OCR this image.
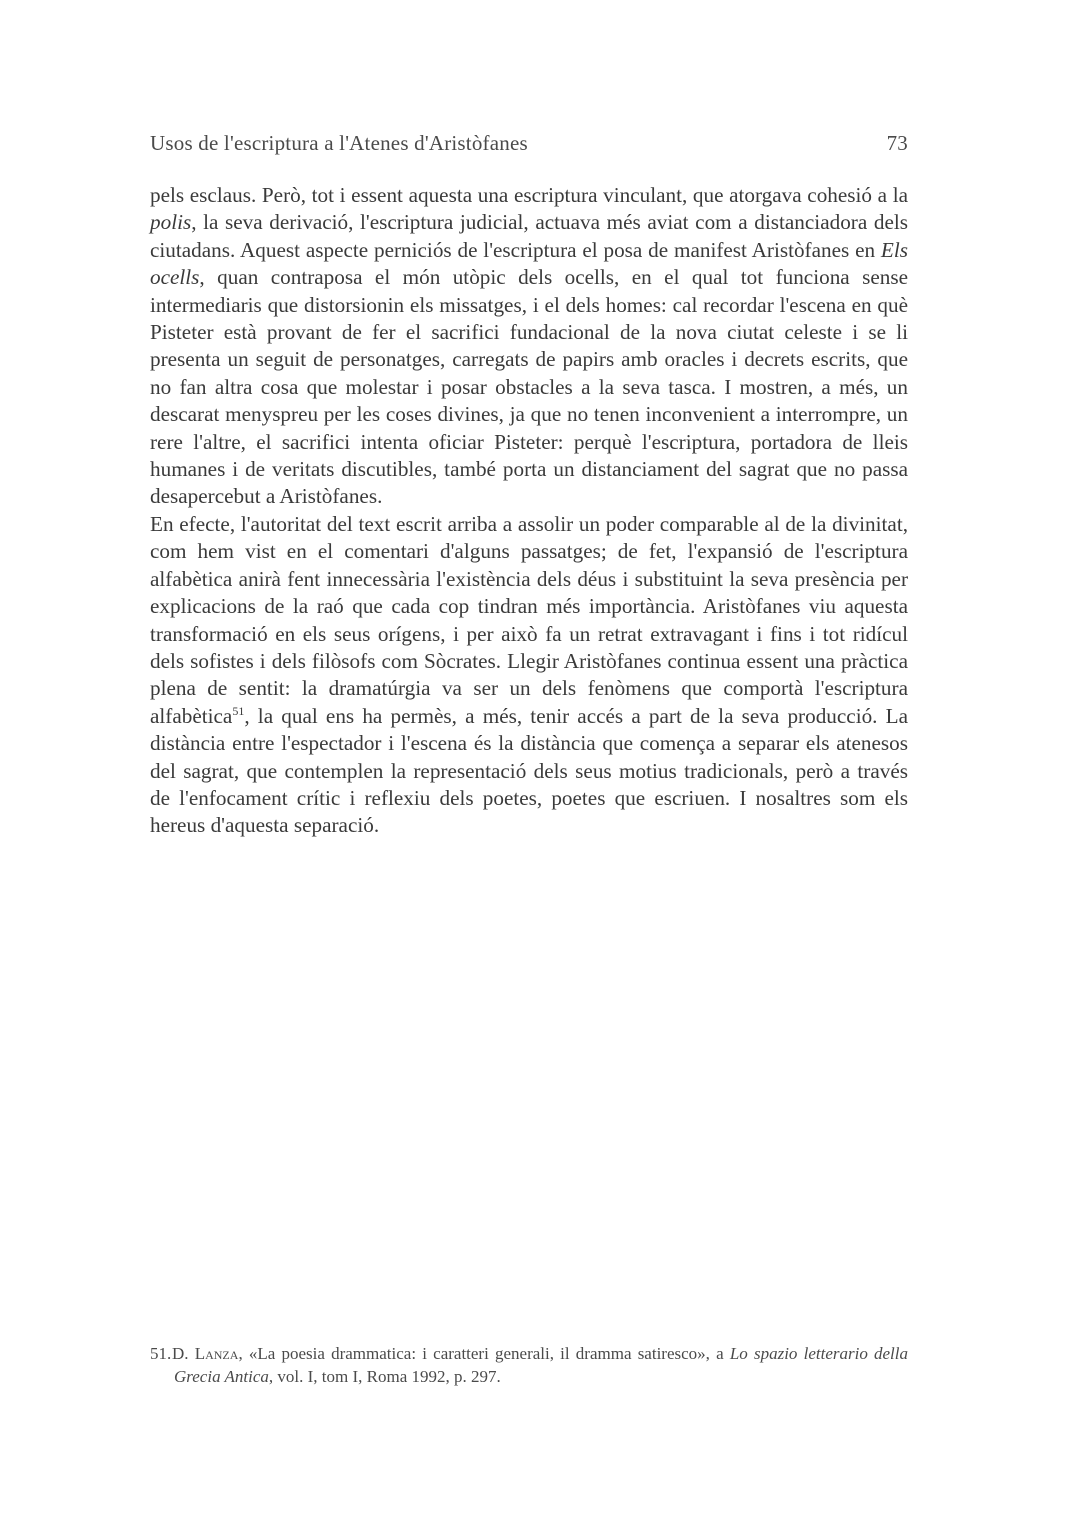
Usos de l'escriptura a l'Atenes d'Aristòfanes	73

pels esclaus. Però, tot i essent aquesta una escriptura vinculant, que atorgava cohesió a la polis, la seva derivació, l'escriptura judicial, actuava més aviat com a distanciadora dels ciutadans. Aquest aspecte perniciós de l'escriptura el posa de manifest Aristòfanes en Els ocells, quan contraposa el món utòpic dels ocells, en el qual tot funciona sense intermediaris que distorsionin els missatges, i el dels homes: cal recordar l'escena en què Pisteter està provant de fer el sacrifici fundacional de la nova ciutat celeste i se li presenta un seguit de personatges, carregats de papirs amb oracles i decrets escrits, que no fan altra cosa que molestar i posar obstacles a la seva tasca. I mostren, a més, un descarat menyspreu per les coses divines, ja que no tenen inconvenient a interrompre, un rere l'altre, el sacrifici intenta oficiar Pisteter: perquè l'escriptura, portadora de lleis humanes i de veritats discutibles, també porta un distanciament del sagrat que no passa desapercebut a Aristòfanes.

En efecte, l'autoritat del text escrit arriba a assolir un poder comparable al de la divinitat, com hem vist en el comentari d'alguns passatges; de fet, l'expansió de l'escriptura alfabètica anirà fent innecessària l'existència dels déus i substituint la seva presència per explicacions de la raó que cada cop tindran més importància. Aristòfanes viu aquesta transformació en els seus orígens, i per això fa un retrat extravagant i fins i tot ridícul dels sofistes i dels filòsofs com Sòcrates. Llegir Aristòfanes continua essent una pràctica plena de sentit: la dramatúrgia va ser un dels fenòmens que comportà l'escriptura alfabètica$^{51}$, la qual ens ha permès, a més, tenir accés a part de la seva producció. La distància entre l'espectador i l'escena és la distància que comença a separar els atenesos del sagrat, que contemplen la representació dels seus motius tradicionals, però a través de l'enfocament crític i reflexiu dels poetes, poetes que escriuen. I nosaltres som els hereus d'aquesta separació.

51.D. Lanza, «La poesia drammatica: i caratteri generali, il dramma satiresco», a Lo spazio letterario della Grecia Antica, vol. I, tom I, Roma 1992, p. 297.
